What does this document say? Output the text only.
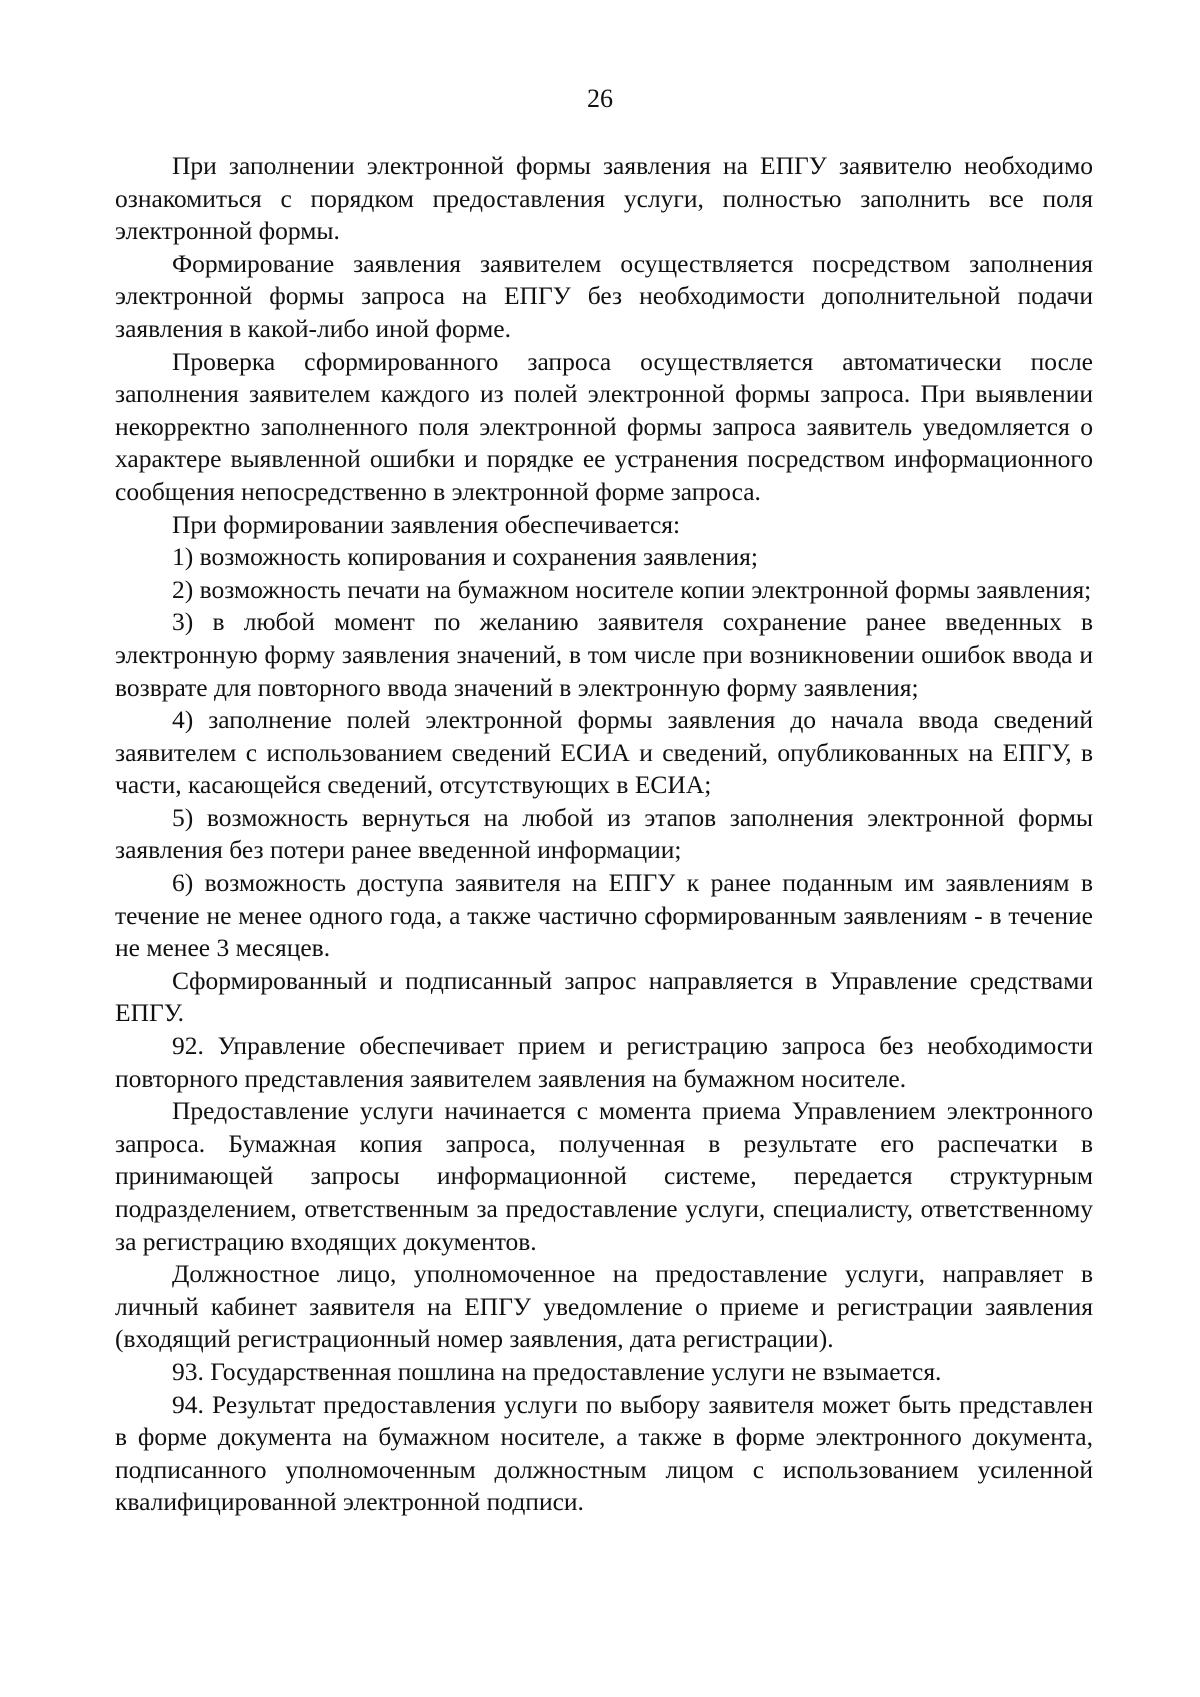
26

При заполнении электронной формы заявления на ЕПГУ заявителю необходимо ознакомиться с порядком предоставления услуги, полностью заполнить все поля электронной формы.

Формирование заявления заявителем осуществляется посредством заполнения электронной формы запроса на ЕПГУ без необходимости дополнительной подачи заявления в какой-либо иной форме.

Проверка сформированного запроса осуществляется автоматически после заполнения заявителем каждого из полей электронной формы запроса. При выявлении некорректно заполненного поля электронной формы запроса заявитель уведомляется о характере выявленной ошибки и порядке ее устранения посредством информационного сообщения непосредственно в электронной форме запроса.

При формировании заявления обеспечивается:

1) возможность копирования и сохранения заявления;

2) возможность печати на бумажном носителе копии электронной формы заявления;

3) в любой момент по желанию заявителя сохранение ранее введенных в электронную форму заявления значений, в том числе при возникновении ошибок ввода и возврате для повторного ввода значений в электронную форму заявления;

4) заполнение полей электронной формы заявления до начала ввода сведений заявителем с использованием сведений ЕСИА и сведений, опубликованных на ЕПГУ, в части, касающейся сведений, отсутствующих в ЕСИА;

5) возможность вернуться на любой из этапов заполнения электронной формы заявления без потери ранее введенной информации;

6) возможность доступа заявителя на ЕПГУ к ранее поданным им заявлениям в течение не менее одного года, а также частично сформированным заявлениям - в течение не менее 3 месяцев.

Сформированный и подписанный запрос направляется в Управление средствами ЕПГУ.

92. Управление обеспечивает прием и регистрацию запроса без необходимости повторного представления заявителем заявления на бумажном носителе.

Предоставление услуги начинается с момента приема Управлением электронного запроса. Бумажная копия запроса, полученная в результате его распечатки в принимающей запросы информационной системе, передается структурным подразделением, ответственным за предоставление услуги, специалисту, ответственному за регистрацию входящих документов.

Должностное лицо, уполномоченное на предоставление услуги, направляет в личный кабинет заявителя на ЕПГУ уведомление о приеме и регистрации заявления (входящий регистрационный номер заявления, дата регистрации).

93. Государственная пошлина на предоставление услуги не взымается.

94. Результат предоставления услуги по выбору заявителя может быть представлен в форме документа на бумажном носителе, а также в форме электронного документа, подписанного уполномоченным должностным лицом с использованием усиленной квалифицированной электронной подписи.
